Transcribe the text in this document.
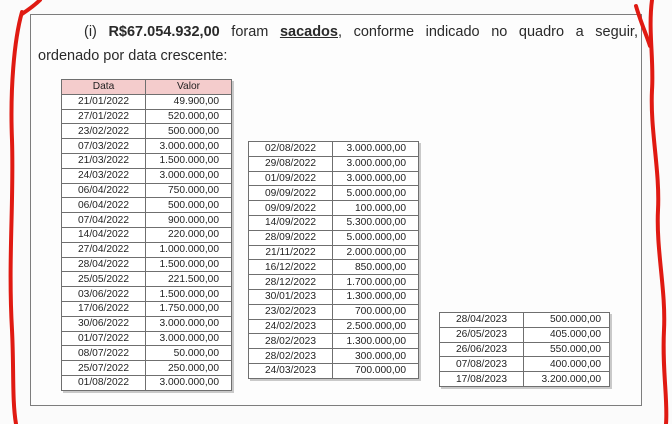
(i) R$67.054.932,00 foram sacados, conforme indicado no quadro a seguir,
ordenado por data crescente:
Data	Valor
21/01/2022	49.900,00
27/01/2022	520.000,00
23/02/2022	500.000,00
07/03/2022	3.000.000,00
21/03/2022	1.500.000,00
24/03/2022	3.000.000,00
06/04/2022	750.000,00
06/04/2022	500.000,00
07/04/2022	900.000,00
14/04/2022	220.000,00
27/04/2022	1.000.000,00
28/04/2022	1.500.000,00
25/05/2022	221.500,00
03/06/2022	1.500.000,00
17/06/2022	1.750.000,00
30/06/2022	3.000.000,00
01/07/2022	3.000.000,00
08/07/2022	50.000,00
25/07/2022	250.000,00
01/08/2022	3.000.000,00
02/08/2022	3.000.000,00
29/08/2022	3.000.000,00
01/09/2022	3.000.000,00
09/09/2022	5.000.000,00
09/09/2022	100.000,00
14/09/2022	5.300.000,00
28/09/2022	5.000.000,00
21/11/2022	2.000.000,00
16/12/2022	850.000,00
28/12/2022	1.700.000,00
30/01/2023	1.300.000,00
23/02/2023	700.000,00
24/02/2023	2.500.000,00
28/02/2023	1.300.000,00
28/02/2023	300.000,00
24/03/2023	700.000,00
28/04/2023	500.000,00
26/05/2023	405.000,00
26/06/2023	550.000,00
07/08/2023	400.000,00
17/08/2023	3.200.000,00
